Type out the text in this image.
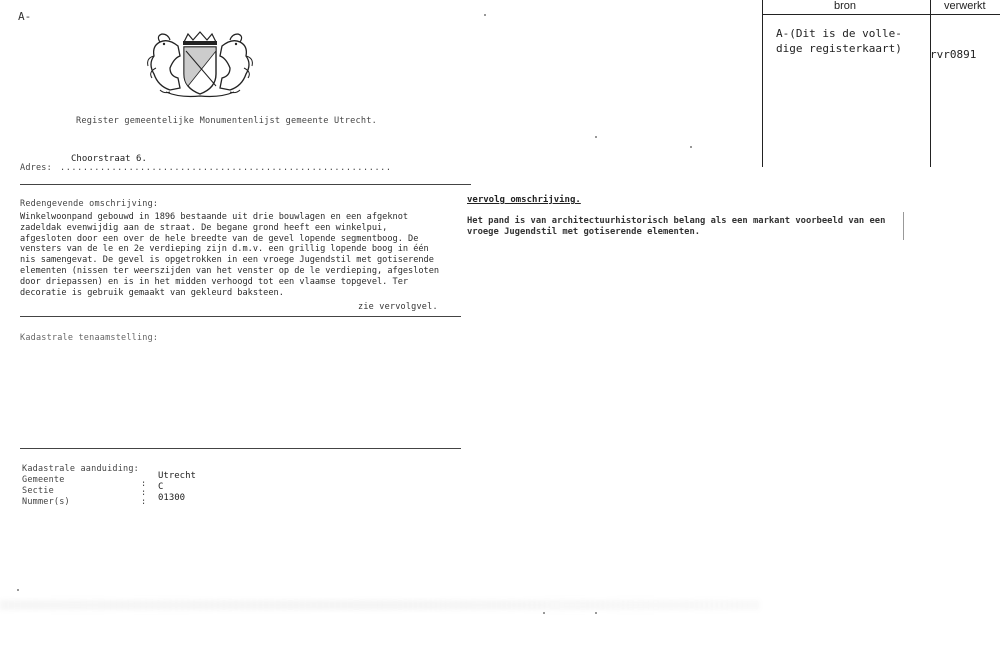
A-
Register gemeentelijke Monumentenlijst gemeente Utrecht.
Adres: ..........................................................
Choorstraat 6.
Redengevende omschrijving:
Winkelwoonpand gebouwd in 1896 bestaande uit drie bouwlagen en een afgeknot
zadeldak evenwijdig aan de straat. De begane grond heeft een winkelpui,
afgesloten door een over de hele breedte van de gevel lopende segmentboog. De
vensters van de le en 2e verdieping zijn d.m.v. een grillig lopende boog in één
nis samengevat. De gevel is opgetrokken in een vroege Jugendstil met gotiserende
elementen (nissen ter weerszijden van het venster op de le verdieping, afgesloten
door driepassen) en is in het midden verhoogd tot een vlaamse topgevel. Ter
decoratie is gebruik gemaakt van gekleurd baksteen.
zie vervolgvel.
Kadastrale tenaamstelling:
Kadastrale aanduiding:
Gemeente
Sectie
Nummer(s)
:
:
:
Utrecht
C
01300
vervolg omschrijving.
Het pand is van architectuurhistorisch belang als een markant voorbeeld van een
vroege Jugendstil met gotiserende elementen.
bron	verwerkt
A-(Dit is de volle-
dige registerkaart)	rvr0891
